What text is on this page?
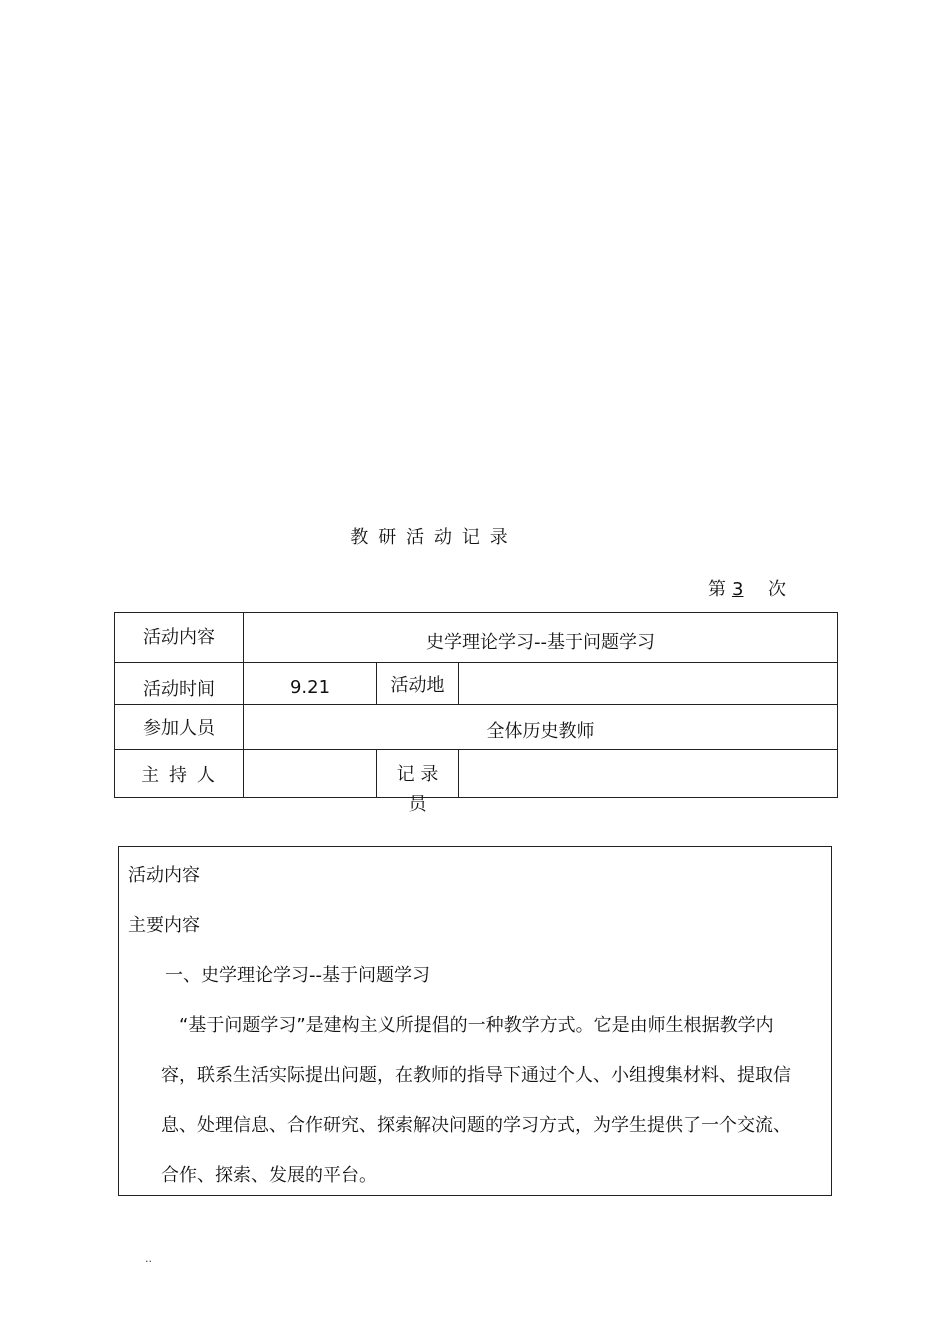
教研活动记录
第 3 次
活动内容	史学理论学习--基于问题学习		
活动时间	9.21	活动地	
参加人员	全体历史教师		
主持人		记 录
员	

活动内容
主要内容
一、史学理论学习--基于问题学习
“基于问题学习”是建构主义所提倡的一种教学方式。它是由师生根据教学内
容，联系生活实际提出问题，在教师的指导下通过个人、小组搜集材料、提取信
息、处理信息、合作研究、探索解决问题的学习方式，为学生提供了一个交流、
合作、探索、发展的平台。
..
